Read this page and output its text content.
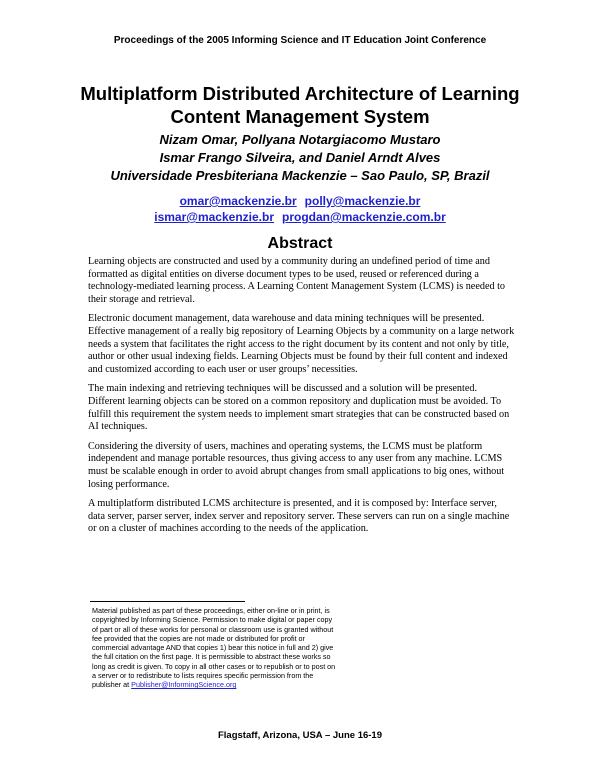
Proceedings of the 2005 Informing Science and IT Education Joint Conference
Multiplatform Distributed Architecture of Learning
Content Management System
Nizam Omar, Pollyana Notargiacomo Mustaro
Ismar Frango Silveira, and Daniel Arndt Alves
Universidade Presbiteriana Mackenzie – Sao Paulo, SP, Brazil
omar@mackenzie.br polly@mackenzie.br
ismar@mackenzie.br progdan@mackenzie.com.br
Abstract

Learning objects are constructed and used by a community during an undefined period of time and formatted as digital entities on diverse document types to be used, reused or referenced during a technology-mediated learning process. A Learning Content Management System (LCMS) is needed to their storage and retrieval.

Electronic document management, data warehouse and data mining techniques will be presented. Effective management of a really big repository of Learning Objects by a community on a large network needs a system that facilitates the right access to the right document by its content and not only by title, author or other usual indexing fields. Learning Objects must be found by their full content and indexed and customized according to each user or user groups’ necessities.

The main indexing and retrieving techniques will be discussed and a solution will be presented. Different learning objects can be stored on a common repository and duplication must be avoided. To fulfill this requirement the system needs to implement smart strategies that can be constructed based on AI techniques.

Considering the diversity of users, machines and operating systems, the LCMS must be platform independent and manage portable resources, thus giving access to any user from any machine. LCMS must be scalable enough in order to avoid abrupt changes from small applications to big ones, without losing performance.

A multiplatform distributed LCMS architecture is presented, and it is composed by: Interface server, data server, parser server, index server and repository server. These servers can run on a single machine or on a cluster of machines according to the needs of the application.

Material published as part of these proceedings, either on-line or in print, is copyrighted by Informing Science. Permission to make digital or paper copy of part or all of these works for personal or classroom use is granted without fee provided that the copies are not made or distributed for profit or commercial advantage AND that copies 1) bear this notice in full and 2) give the full citation on the first page. It is permissible to abstract these works so long as credit is given. To copy in all other cases or to republish or to post on a server or to redistribute to lists requires specific permission from the publisher at Publisher@InformingScience.org
Flagstaff, Arizona, USA – June 16-19
